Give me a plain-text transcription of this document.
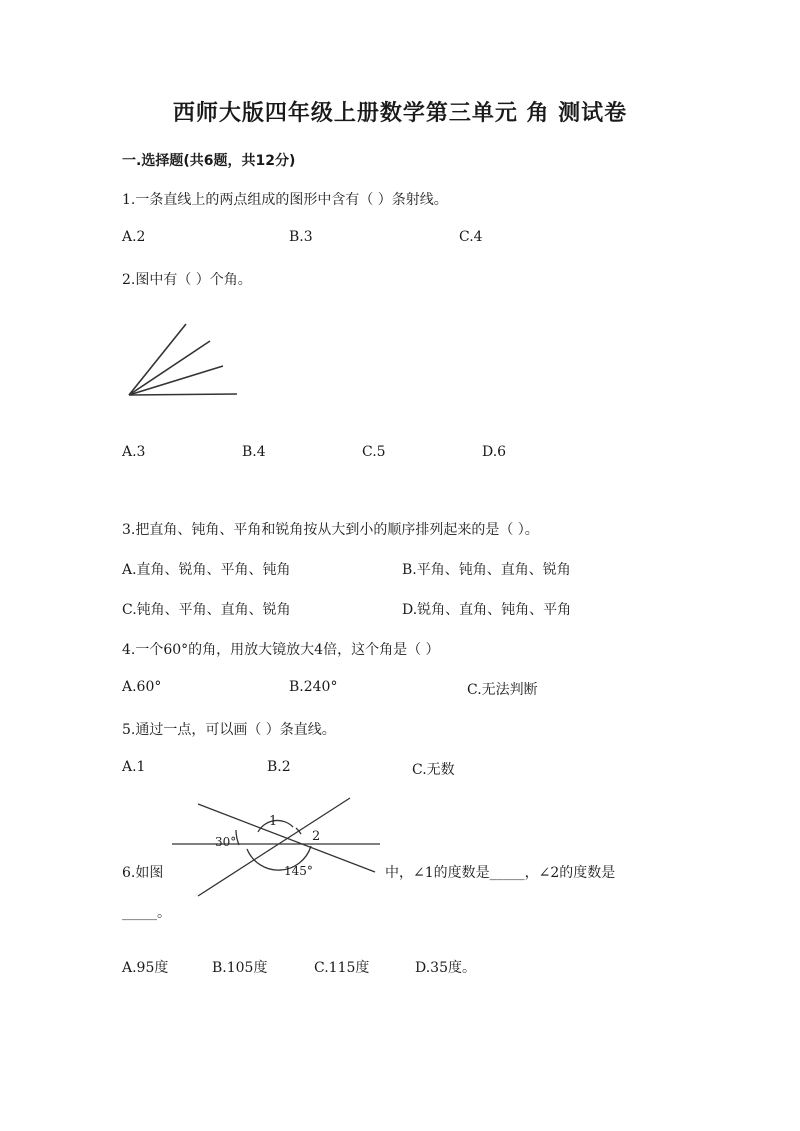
西师大版四年级上册数学第三单元 角 测试卷
一.选择题(共6题，共12分)
1.一条直线上的两点组成的图形中含有（ ）条射线。
A.2	B.3	C.4
2.图中有（ ）个角。
A.3	B.4	C.5	D.6
3.把直角、钝角、平角和锐角按从大到小的顺序排列起来的是（ ）。
A.直角、锐角、平角、钝角	B.平角、钝角、直角、锐角
C.钝角、平角、直角、锐角	D.锐角、直角、钝角、平角
4.一个60°的角，用放大镜放大4倍，这个角是（ ）
A.60°	B.240°	C.无法判断
5.通过一点，可以画（ ）条直线。
A.1	B.2	C.无数
30°
1
2
145°
6.如图	中，∠1的度数是_____，∠2的度数是
_____。
A.95度	B.105度	C.115度	D.35度。
